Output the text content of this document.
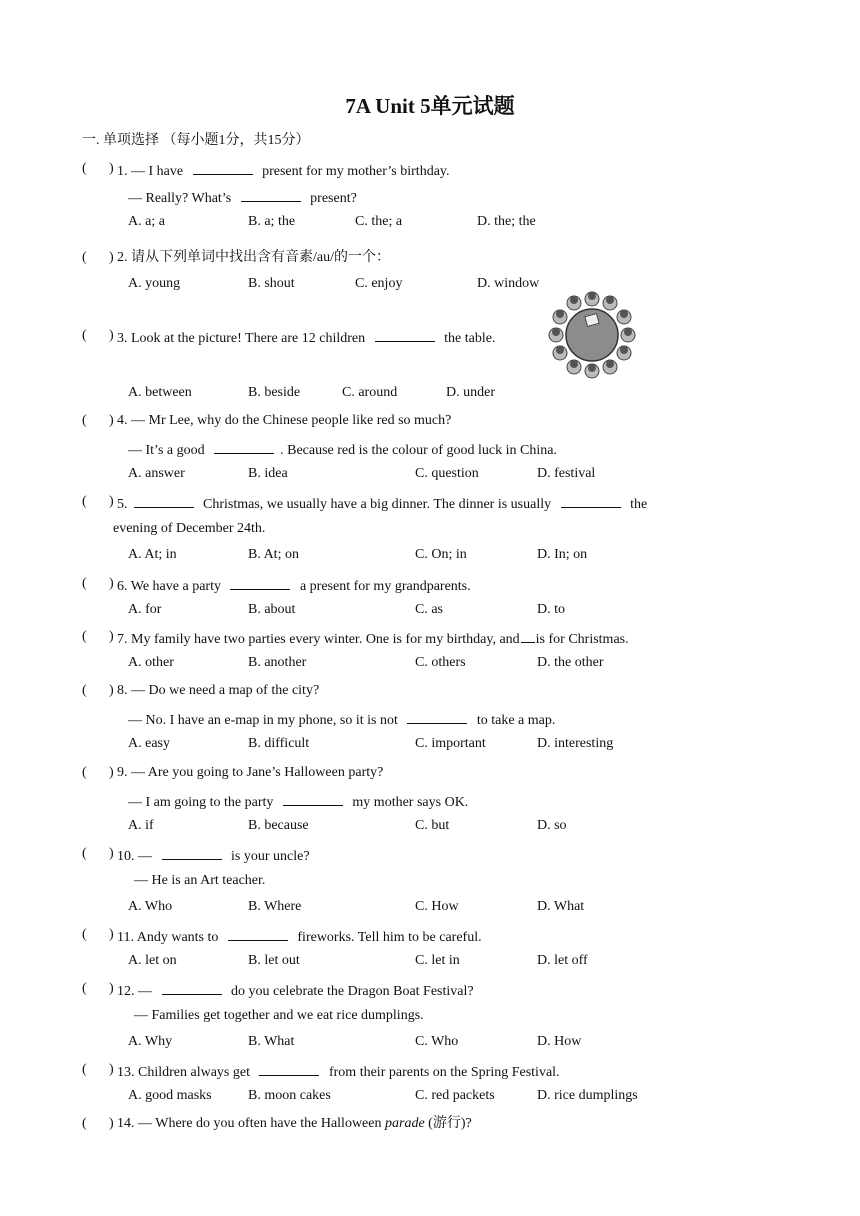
7A Unit 5单元试题
一. 单项选择 （每小题1分，共15分）
( ) 1. — I have	present for my mother’s birthday.
— Really? What’s	present?
A. a; a	B. a; the	C. the; a	D. the; the
( ) 2. 请从下列单词中找出含有音素/au/的一个：
A. young	B. shout	C. enjoy	D. window
( ) 3. Look at the picture! There are 12 children	the table.
A. between	B. beside	C. around	D. under
( ) 4. — Mr Lee, why do the Chinese people like red so much?
— It’s a good	. Because red is the colour of good luck in China.
A. answer	B. idea	C. question	D. festival
( ) 5.	Christmas, we usually have a big dinner. The dinner is usually	the
evening of December 24th.
A. At; in	B. At; on	C. On; in	D. In; on
( ) 6. We have a party	a present for my grandparents.
A. for	B. about	C. as	D. to
( ) 7. My family have two parties every winter. One is for my birthday, and is for Christmas.
A. other	B. another	C. others	D. the other
( ) 8. — Do we need a map of the city?
— No. I have an e-map in my phone, so it is not	to take a map.
A. easy	B. difficult	C. important	D. interesting
( ) 9. — Are you going to Jane’s Halloween party?
— I am going to the party	my mother says OK.
A. if	B. because	C. but	D. so
( ) 10. —	is your uncle?
— He is an Art teacher.
A. Who	B. Where	C. How	D. What
( ) 11. Andy wants to	fireworks. Tell him to be careful.
A. let on	B. let out	C. let in	D. let off
( ) 12. —	do you celebrate the Dragon Boat Festival?
— Families get together and we eat rice dumplings.
A. Why	B. What	C. Who	D. How
( ) 13. Children always get	from their parents on the Spring Festival.
A. good masks	B. moon cakes	C. red packets	D. rice dumplings
( ) 14. — Where do you often have the Halloween parade (游行)?
